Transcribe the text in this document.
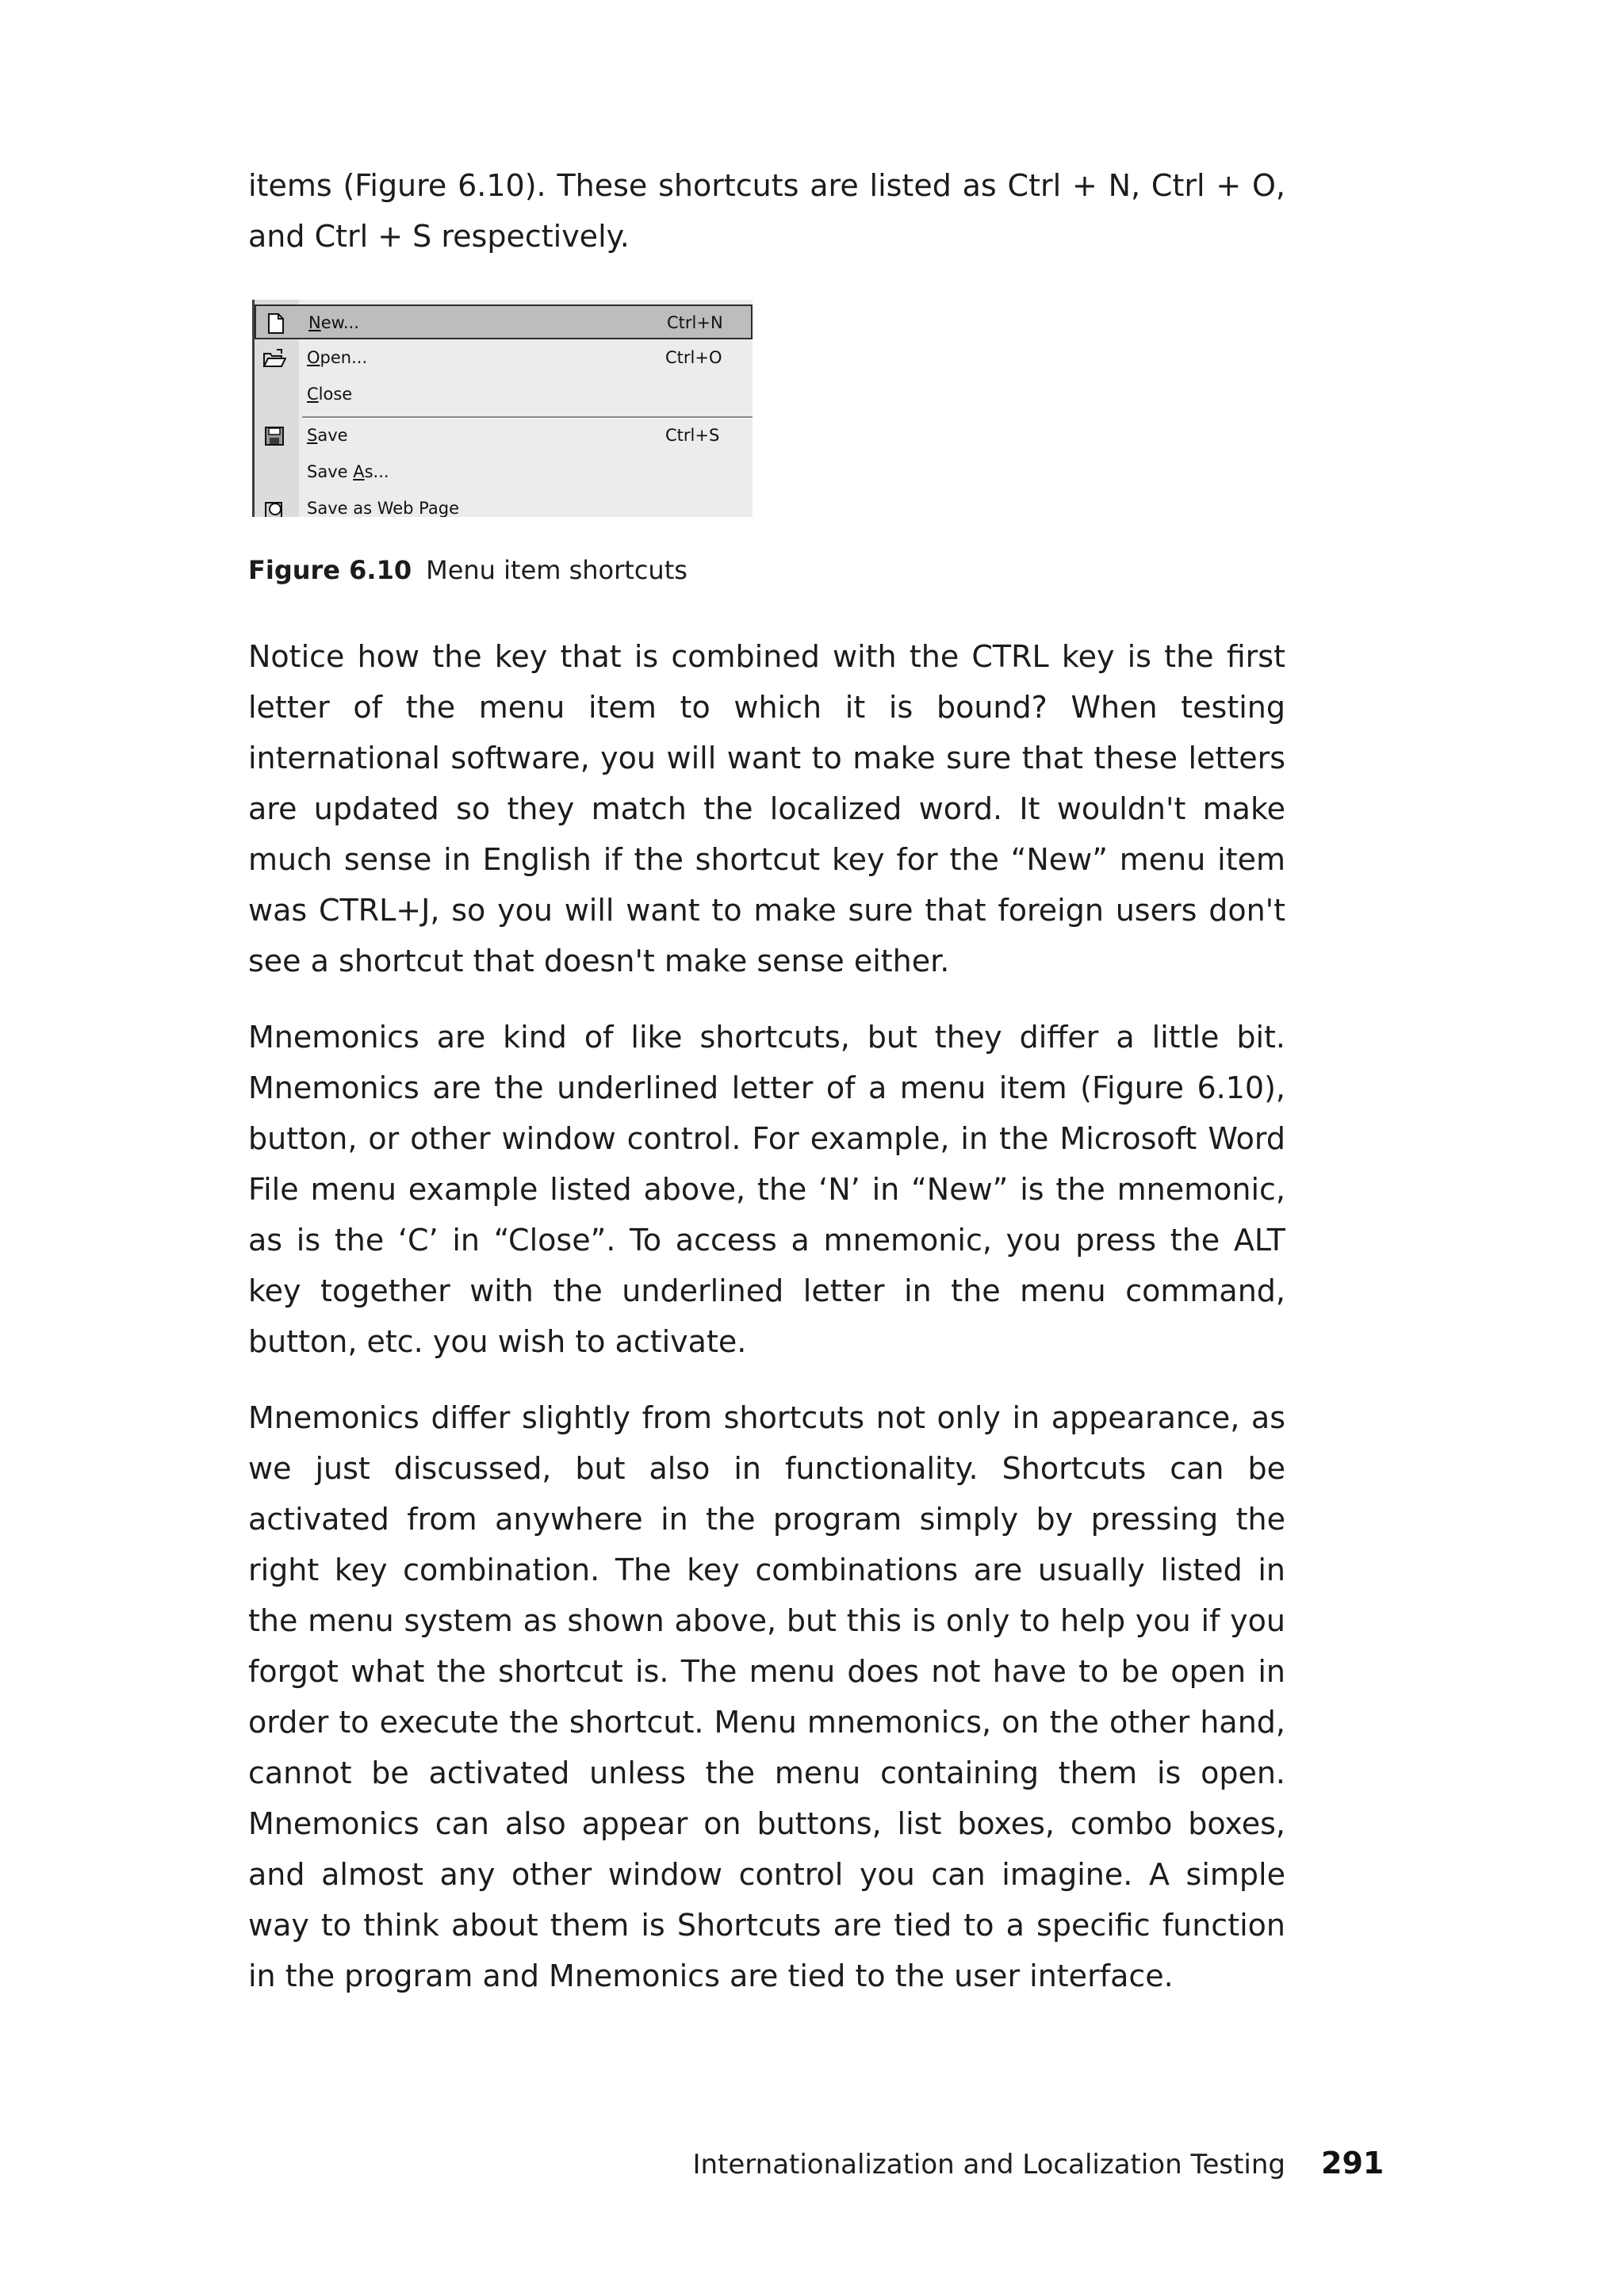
items (Figure 6.10). These shortcuts are listed as Ctrl + N, Ctrl + O, and Ctrl + S respectively.

New...	Ctrl+N
Open...	Ctrl+O
Close
Save	Ctrl+S
Save As...
Save as Web Page
Figure 6.10 Menu item shortcuts

Notice how the key that is combined with the CTRL key is the first letter of the menu item to which it is bound? When testing international software, you will want to make sure that these letters are updated so they match the localized word. It wouldn't make much sense in English if the shortcut key for the “New” menu item was CTRL+J, so you will want to make sure that foreign users don't see a shortcut that doesn't make sense either.

Mnemonics are kind of like shortcuts, but they differ a little bit. Mnemonics are the underlined letter of a menu item (Figure 6.10), button, or other window control. For example, in the Microsoft Word File menu example listed above, the ‘N’ in “New” is the mnemonic, as is the ‘C’ in “Close”. To access a mnemonic, you press the ALT key together with the underlined letter in the menu command, button, etc. you wish to activate.

Mnemonics differ slightly from shortcuts not only in appearance, as we just discussed, but also in functionality. Shortcuts can be activated from anywhere in the program simply by pressing the right key combination. The key combinations are usually listed in the menu system as shown above, but this is only to help you if you forgot what the shortcut is. The menu does not have to be open in order to execute the shortcut. Menu mnemonics, on the other hand, cannot be activated unless the menu containing them is open. Mnemonics can also appear on buttons, list boxes, combo boxes, and almost any other window control you can imagine. A simple way to think about them is Shortcuts are tied to a specific function in the program and Mnemonics are tied to the user interface.

Internationalization and Localization Testing 291
